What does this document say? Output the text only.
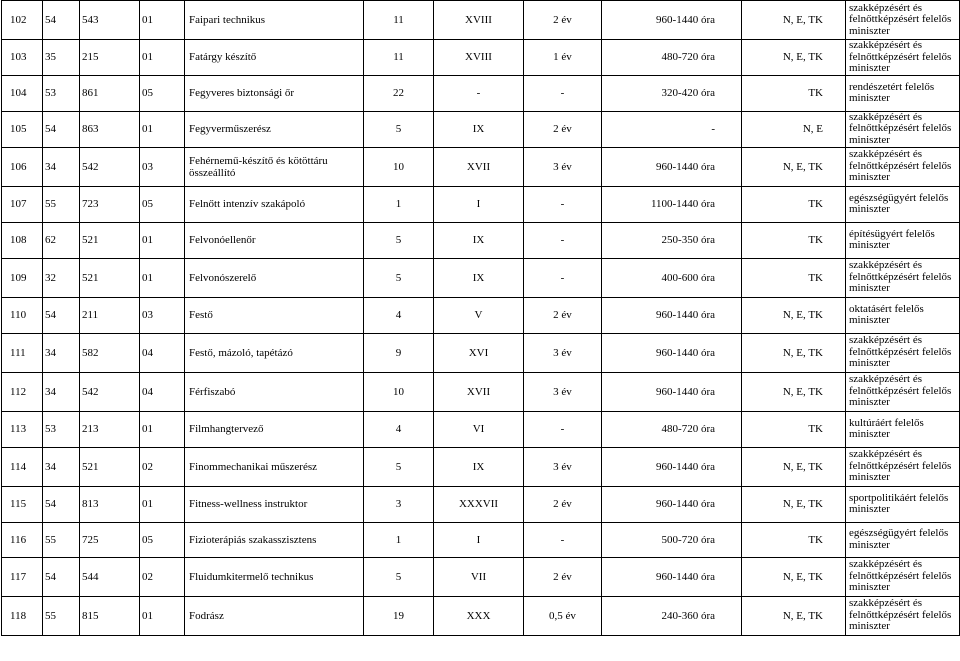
102	54	543	01	Faipari technikus	11	XVIII	2 év	960-1440 óra	N, E, TK	szakképzésért és felnőttképzésért felelős miniszter
103	35	215	01	Fatárgy készítő	11	XVIII	1 év	480-720 óra	N, E, TK	szakképzésért és felnőttképzésért felelős miniszter
104	53	861	05	Fegyveres biztonsági őr	22	-	-	320-420 óra	TK	rendészetért felelős miniszter
105	54	863	01	Fegyverműszerész	5	IX	2 év	-	N, E	szakképzésért és felnőttképzésért felelős miniszter
106	34	542	03	Fehérnemű-készítő és kötöttáru összeállító	10	XVII	3 év	960-1440 óra	N, E, TK	szakképzésért és felnőttképzésért felelős miniszter
107	55	723	05	Felnőtt intenzív szakápoló	1	I	-	1100-1440 óra	TK	egészségügyért felelős miniszter
108	62	521	01	Felvonóellenőr	5	IX	-	250-350 óra	TK	építésügyért felelős miniszter
109	32	521	01	Felvonószerelő	5	IX	-	400-600 óra	TK	szakképzésért és felnőttképzésért felelős miniszter
110	54	211	03	Festő	4	V	2 év	960-1440 óra	N, E, TK	oktatásért felelős miniszter
111	34	582	04	Festő, mázoló, tapétázó	9	XVI	3 év	960-1440 óra	N, E, TK	szakképzésért és felnőttképzésért felelős miniszter
112	34	542	04	Férfiszabó	10	XVII	3 év	960-1440 óra	N, E, TK	szakképzésért és felnőttképzésért felelős miniszter
113	53	213	01	Filmhangtervező	4	VI	-	480-720 óra	TK	kultúráért felelős miniszter
114	34	521	02	Finommechanikai műszerész	5	IX	3 év	960-1440 óra	N, E, TK	szakképzésért és felnőttképzésért felelős miniszter
115	54	813	01	Fitness-wellness instruktor	3	XXXVII	2 év	960-1440 óra	N, E, TK	sportpolitikáért felelős miniszter
116	55	725	05	Fizioterápiás szakasszisztens	1	I	-	500-720 óra	TK	egészségügyért felelős miniszter
117	54	544	02	Fluidumkitermelő technikus	5	VII	2 év	960-1440 óra	N, E, TK	szakképzésért és felnőttképzésért felelős miniszter
118	55	815	01	Fodrász	19	XXX	0,5 év	240-360 óra	N, E, TK	szakképzésért és felnőttképzésért felelős miniszter
